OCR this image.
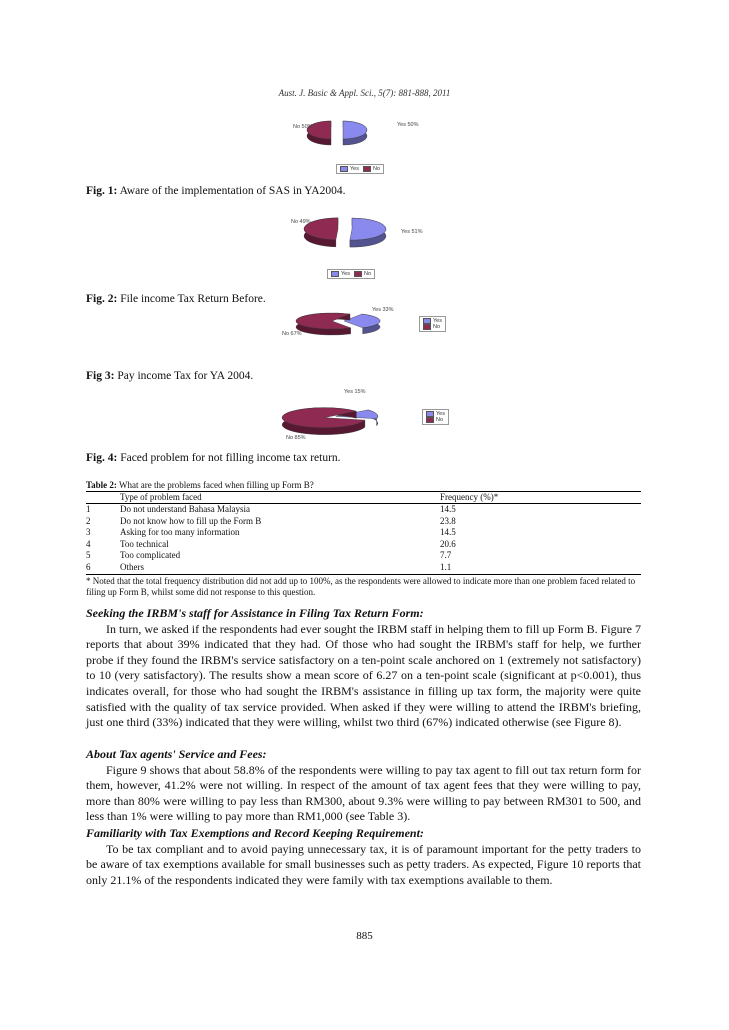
Aust. J. Basic & Appl. Sci., 5(7): 881-888, 2011
No 50%	Yes 50%
Yes	No
Fig. 1: Aware of the implementation of SAS in YA2004.
No 49%
Yes 51%
Yes	No
Fig. 2: File income Tax Return Before.
No 67%
Yes 33%
Yes
No
Fig 3: Pay income Tax for YA 2004.
Yes 15%
No 85%
Yes
No
Fig. 4: Faced problem for not filling income tax return.
Table 2: What are the problems faced when filling up Form B?
Type of problem faced	Frequency (%)*
1	Do not understand Bahasa Malaysia	14.5
2	Do not know how to fill up the Form B	23.8
3	Asking for too many information	14.5
4	Too technical	20.6
5	Too complicated	7.7
6	Others	1.1
* Noted that the total frequency distribution did not add up to 100%, as the respondents were allowed to indicate more than one problem faced related to filing up Form B, whilst some did not response to this question.
Seeking the IRBM's staff for Assistance in Filing Tax Return Form:
In turn, we asked if the respondents had ever sought the IRBM staff in helping them to fill up Form B. Figure 7 reports that about 39% indicated that they had. Of those who had sought the IRBM's staff for help, we further probe if they found the IRBM's service satisfactory on a ten-point scale anchored on 1 (extremely not satisfactory) to 10 (very satisfactory). The results show a mean score of 6.27 on a ten-point scale (significant at p<0.001), thus indicates overall, for those who had sought the IRBM's assistance in filling up tax form, the majority were quite satisfied with the quality of tax service provided. When asked if they were willing to attend the IRBM's briefing, just one third (33%) indicated that they were willing, whilst two third (67%) indicated otherwise (see Figure 8).
About Tax agents' Service and Fees:
Figure 9 shows that about 58.8% of the respondents were willing to pay tax agent to fill out tax return form for them, however, 41.2% were not willing. In respect of the amount of tax agent fees that they were willing to pay, more than 80% were willing to pay less than RM300, about 9.3% were willing to pay between RM301 to 500, and less than 1% were willing to pay more than RM1,000 (see Table 3).
Familiarity with Tax Exemptions and Record Keeping Requirement:
To be tax compliant and to avoid paying unnecessary tax, it is of paramount important for the petty traders to be aware of tax exemptions available for small businesses such as petty traders. As expected, Figure 10 reports that only 21.1% of the respondents indicated they were family with tax exemptions available to them.
885
